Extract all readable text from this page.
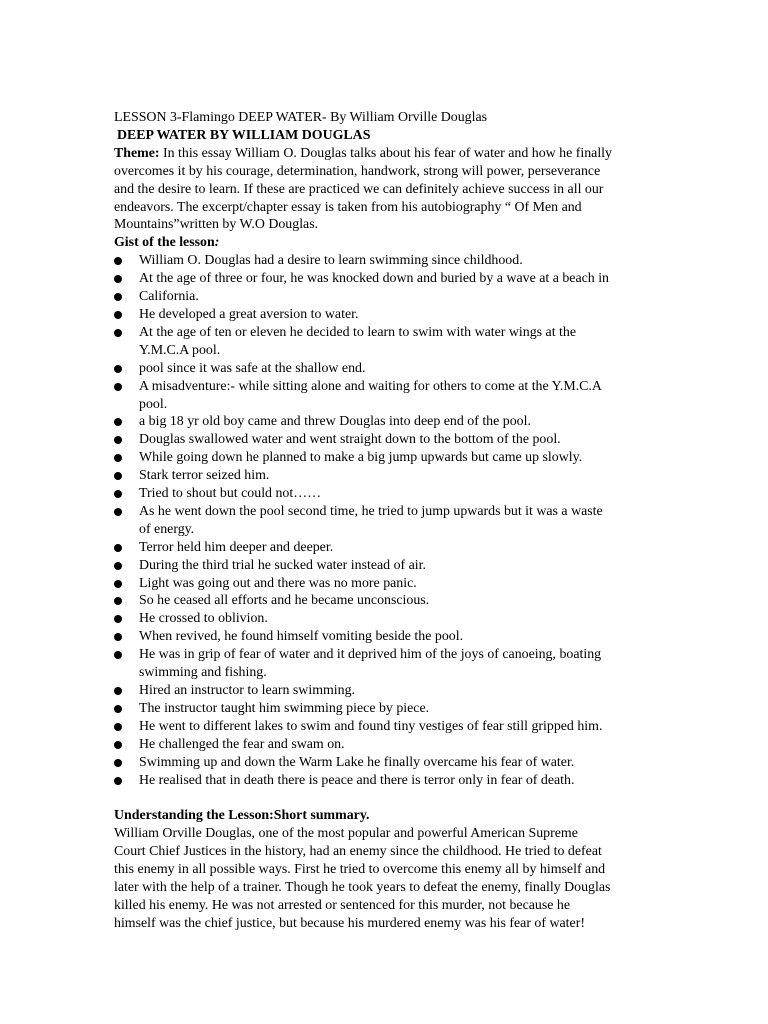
LESSON 3-Flamingo DEEP WATER- By William Orville Douglas
DEEP WATER BY WILLIAM DOUGLAS
Theme: In this essay William O. Douglas talks about his fear of water and how he finally
overcomes it by his courage, determination, handwork, strong will power, perseverance
and the desire to learn. If these are practiced we can definitely achieve success in all our
endeavors. The excerpt/chapter essay is taken from his autobiography “ Of Men and
Mountains”written by W.O Douglas.
Gist of the lesson:
William O. Douglas had a desire to learn swimming since childhood.
At the age of three or four, he was knocked down and buried by a wave at a beach in
California.
He developed a great aversion to water.
At the age of ten or eleven he decided to learn to swim with water wings at the
Y.M.C.A pool.
pool since it was safe at the shallow end.
A misadventure:- while sitting alone and waiting for others to come at the Y.M.C.A
pool.
a big 18 yr old boy came and threw Douglas into deep end of the pool.
Douglas swallowed water and went straight down to the bottom of the pool.
While going down he planned to make a big jump upwards but came up slowly.
Stark terror seized him.
Tried to shout but could not……
As he went down the pool second time, he tried to jump upwards but it was a waste
of energy.
Terror held him deeper and deeper.
During the third trial he sucked water instead of air.
Light was going out and there was no more panic.
So he ceased all efforts and he became unconscious.
He crossed to oblivion.
When revived, he found himself vomiting beside the pool.
He was in grip of fear of water and it deprived him of the joys of canoeing, boating
swimming and fishing.
Hired an instructor to learn swimming.
The instructor taught him swimming piece by piece.
He went to different lakes to swim and found tiny vestiges of fear still gripped him.
He challenged the fear and swam on.
Swimming up and down the Warm Lake he finally overcame his fear of water.
He realised that in death there is peace and there is terror only in fear of death.
Understanding the Lesson:Short summary.
William Orville Douglas, one of the most popular and powerful American Supreme
Court Chief Justices in the history, had an enemy since the childhood. He tried to defeat
this enemy in all possible ways. First he tried to overcome this enemy all by himself and
later with the help of a trainer. Though he took years to defeat the enemy, finally Douglas
killed his enemy. He was not arrested or sentenced for this murder, not because he
himself was the chief justice, but because his murdered enemy was his fear of water!
